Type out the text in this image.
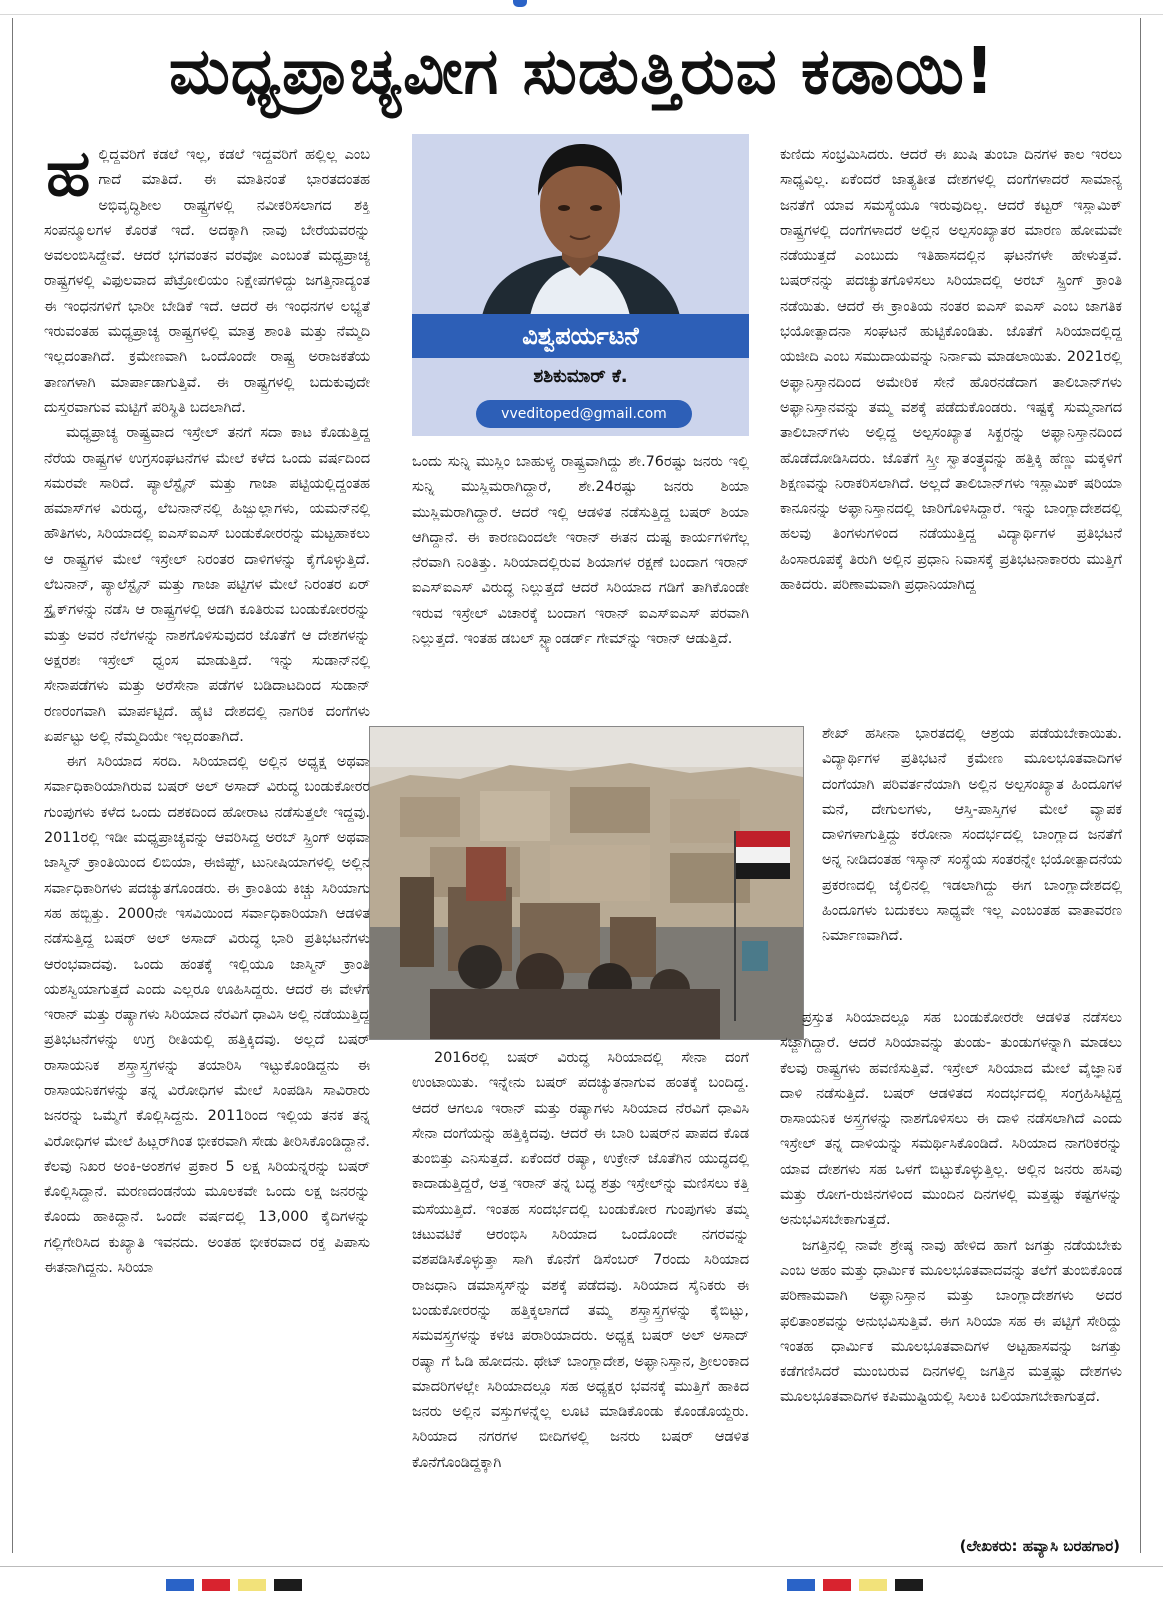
ಮಧ್ಯಪ್ರಾಚ್ಯವೀಗ ಸುಡುತ್ತಿರುವ ಕಡಾಯಿ!
ಹ ಲ್ಲಿದ್ದವರಿಗೆ ಕಡಲೆ ಇಲ್ಲ, ಕಡಲೆ ಇದ್ದವರಿಗೆ ಹಲ್ಲಿಲ್ಲ ಎಂಬ ಗಾದೆ ಮಾತಿದೆ. ಈ ಮಾತಿನಂತೆ ಭಾರತದಂತಹ ಅಭಿವೃದ್ಧಿಶೀಲ ರಾಷ್ಟ್ರಗಳಲ್ಲಿ ನವೀಕರಿಸಲಾಗದ ಶಕ್ತಿ ಸಂಪನ್ಮೂಲಗಳ ಕೊರತೆ ಇದೆ. ಅದಕ್ಕಾಗಿ ನಾವು ಬೇರೆಯವರನ್ನು ಅವಲಂಬಿಸಿದ್ದೇವೆ. ಆದರೆ ಭಗವಂತನ ವರವೋ ಎಂಬಂತೆ ಮಧ್ಯಪ್ರಾಚ್ಯ ರಾಷ್ಟ್ರಗಳಲ್ಲಿ ವಿಫುಲವಾದ ಪೆಟ್ರೋಲಿಯಂ ನಿಕ್ಷೇಪಗಳಿದ್ದು ಜಗತ್ತಿನಾದ್ಯಂತ ಈ ಇಂಧನಗಳಿಗೆ ಭಾರೀ ಬೇಡಿಕೆ ಇದೆ. ಆದರೆ ಈ ಇಂಧನಗಳ ಲಭ್ಯತೆ ಇರುವಂತಹ ಮಧ್ಯಪ್ರಾಚ್ಯ ರಾಷ್ಟ್ರಗಳಲ್ಲಿ ಮಾತ್ರ ಶಾಂತಿ ಮತ್ತು ನೆಮ್ಮದಿ ಇಲ್ಲದಂತಾಗಿದೆ. ಕ್ರಮೇಣವಾಗಿ ಒಂದೊಂದೇ ರಾಷ್ಟ್ರ ಅರಾಜಕತೆಯ ತಾಣಗಳಾಗಿ ಮಾರ್ಪಾಡಾಗುತ್ತಿವೆ. ಈ ರಾಷ್ಟ್ರಗಳಲ್ಲಿ ಬದುಕುವುದೇ ದುಸ್ತರವಾಗುವ ಮಟ್ಟಿಗೆ ಪರಿಸ್ಥಿತಿ ಬದಲಾಗಿದೆ.

ಮಧ್ಯಪ್ರಾಚ್ಯ ರಾಷ್ಟ್ರವಾದ ಇಸ್ರೇಲ್ ತನಗೆ ಸದಾ ಕಾಟ ಕೊಡುತ್ತಿದ್ದ ನೆರೆಯ ರಾಷ್ಟ್ರಗಳ ಉಗ್ರಸಂಘಟನೆಗಳ ಮೇಲೆ ಕಳೆದ ಒಂದು ವರ್ಷದಿಂದ ಸಮರವೇ ಸಾರಿದೆ. ಪ್ಯಾಲೆಸ್ಟೈನ್ ಮತ್ತು ಗಾಜಾ ಪಟ್ಟಿಯಲ್ಲಿದ್ದಂತಹ ಹಮಾಸ್‌ಗಳ ವಿರುದ್ಧ, ಲೆಬನಾನ್‌ನಲ್ಲಿ ಹಿಜ್ಬುಲ್ಲಾಗಳು, ಯಮನ್‌ನಲ್ಲಿ ಹೌತಿಗಳು, ಸಿರಿಯಾದಲ್ಲಿ ಐಎಸ್‌ಐಎಸ್ ಬಂಡುಕೋರರನ್ನು ಮಟ್ಟಹಾಕಲು ಆ ರಾಷ್ಟ್ರಗಳ ಮೇಲೆ ಇಸ್ರೇಲ್ ನಿರಂತರ ದಾಳಿಗಳನ್ನು ಕೈಗೊಳ್ಳುತ್ತಿದೆ. ಲೆಬನಾನ್, ಪ್ಯಾಲೆಸ್ಟೈನ್ ಮತ್ತು ಗಾಜಾ ಪಟ್ಟಿಗಳ ಮೇಲೆ ನಿರಂತರ ಏರ್ ಸ್ಟ್ರೈಕ್‌ಗಳನ್ನು ನಡೆಸಿ ಆ ರಾಷ್ಟ್ರಗಳಲ್ಲಿ ಅಡಗಿ ಕೂತಿರುವ ಬಂಡುಕೋರರನ್ನು ಮತ್ತು ಅವರ ನೆಲೆಗಳನ್ನು ನಾಶಗೊಳಿಸುವುದರ ಜೊತೆಗೆ ಆ ದೇಶಗಳನ್ನು ಅಕ್ಷರಶಃ ಇಸ್ರೇಲ್ ಧ್ವಂಸ ಮಾಡುತ್ತಿದೆ. ಇನ್ನು ಸುಡಾನ್‌ನಲ್ಲಿ ಸೇನಾಪಡೆಗಳು ಮತ್ತು ಅರೆಸೇನಾ ಪಡೆಗಳ ಬಡಿದಾಟದಿಂದ ಸುಡಾನ್ ರಣರಂಗವಾಗಿ ಮಾರ್ಪಟ್ಟಿದೆ. ಹೈಟಿ ದೇಶದಲ್ಲಿ ನಾಗರಿಕ ದಂಗೆಗಳು ಏರ್ಪಟ್ಟು ಅಲ್ಲಿ ನೆಮ್ಮದಿಯೇ ಇಲ್ಲದಂತಾಗಿದೆ.

ಈಗ ಸಿರಿಯಾದ ಸರದಿ. ಸಿರಿಯಾದಲ್ಲಿ ಅಲ್ಲಿನ ಅಧ್ಯಕ್ಷ ಅಥವಾ ಸರ್ವಾಧಿಕಾರಿಯಾಗಿರುವ ಬಷರ್ ಅಲ್ ಅಸಾದ್ ವಿರುದ್ಧ ಬಂಡುಕೋರರ ಗುಂಪುಗಳು ಕಳೆದ ಒಂದು ದಶಕದಿಂದ ಹೋರಾಟ ನಡೆಸುತ್ತಲೇ ಇದ್ದವು. 2011ರಲ್ಲಿ ಇಡೀ ಮಧ್ಯಪ್ರಾಚ್ಯವನ್ನು ಆವರಿಸಿದ್ದ ಅರಬ್ ಸ್ಪ್ರಿಂಗ್ ಅಥವಾ ಜಾಸ್ಮಿನ್ ಕ್ರಾಂತಿಯಿಂದ ಲಿಬಿಯಾ, ಈಜಿಪ್ಟ್, ಟುನೀಷಿಯಾಗಳಲ್ಲಿ ಅಲ್ಲಿನ ಸರ್ವಾಧಿಕಾರಿಗಳು ಪದಚ್ಯುತಗೊಂಡರು. ಈ ಕ್ರಾಂತಿಯ ಕಿಚ್ಚು ಸಿರಿಯಾಗು ಸಹ ಹಬ್ಬಿತ್ತು. 2000ನೇ ಇಸವಿಯಿಂದ ಸರ್ವಾಧಿಕಾರಿಯಾಗಿ ಆಡಳಿತ ನಡೆಸುತ್ತಿದ್ದ ಬಷರ್ ಅಲ್ ಅಸಾದ್ ವಿರುದ್ಧ ಭಾರಿ ಪ್ರತಿಭಟನೆಗಳು ಆರಂಭವಾದವು. ಒಂದು ಹಂತಕ್ಕೆ ಇಲ್ಲಿಯೂ ಜಾಸ್ಮಿನ್ ಕ್ರಾಂತಿ ಯಶಸ್ವಿಯಾಗುತ್ತದೆ ಎಂದು ಎಲ್ಲರೂ ಊಹಿಸಿದ್ದರು. ಆದರೆ ಈ ವೇಳೆಗೆ ಇರಾನ್ ಮತ್ತು ರಷ್ಯಾಗಳು ಸಿರಿಯಾದ ನೆರವಿಗೆ ಧಾವಿಸಿ ಅಲ್ಲಿ ನಡೆಯುತ್ತಿದ್ದ ಪ್ರತಿಭಟನೆಗಳನ್ನು ಉಗ್ರ ರೀತಿಯಲ್ಲಿ ಹತ್ತಿಕ್ಕಿದವು. ಅಲ್ಲದೆ ಬಷರ್ ರಾಸಾಯನಿಕ ಶಸ್ತ್ರಾಸ್ತ್ರಗಳನ್ನು ತಯಾರಿಸಿ ಇಟ್ಟುಕೊಂಡಿದ್ದನು ಈ ರಾಸಾಯನಿಕಗಳನ್ನು ತನ್ನ ವಿರೋಧಿಗಳ ಮೇಲೆ ಸಿಂಪಡಿಸಿ ಸಾವಿರಾರು ಜನರನ್ನು ಒಮ್ಮೆಗೆ ಕೊಲ್ಲಿಸಿದ್ದನು. 2011ರಿಂದ ಇಲ್ಲಿಯ ತನಕ ತನ್ನ ವಿರೋಧಿಗಳ ಮೇಲೆ ಹಿಟ್ಲರ್‌ಗಿಂತ ಭೀಕರವಾಗಿ ಸೇಡು ತೀರಿಸಿಕೊಂಡಿದ್ದಾನೆ. ಕೆಲವು ನಿಖರ ಅಂಕಿ-ಅಂಶಗಳ ಪ್ರಕಾರ 5 ಲಕ್ಷ ಸಿರಿಯನ್ನರನ್ನು ಬಷರ್ ಕೊಲ್ಲಿಸಿದ್ದಾನೆ. ಮರಣದಂಡನೆಯ ಮೂಲಕವೇ ಒಂದು ಲಕ್ಷ ಜನರನ್ನು ಕೊಂದು ಹಾಕಿದ್ದಾನೆ. ಒಂದೇ ವರ್ಷದಲ್ಲಿ 13,000 ಕೈದಿಗಳನ್ನು ಗಲ್ಲಿಗೇರಿಸಿದ ಕುಖ್ಯಾತಿ ಇವನದು. ಅಂತಹ ಭೀಕರವಾದ ರಕ್ತ ಪಿಪಾಸು ಈತನಾಗಿದ್ದನು. ಸಿರಿಯಾ

ವಿಶ್ವಪರ್ಯಟನೆ
ಶಶಿಕುಮಾರ್ ಕೆ.
vveditoped@gmail.com

ಒಂದು ಸುನ್ನಿ ಮುಸ್ಲಿಂ ಬಾಹುಳ್ಯ ರಾಷ್ಟ್ರವಾಗಿದ್ದು ಶೇ.76ರಷ್ಟು ಜನರು ಇಲ್ಲಿ ಸುನ್ನಿ ಮುಸ್ಲಿಮರಾಗಿದ್ದಾರೆ, ಶೇ.24ರಷ್ಟು ಜನರು ಶಿಯಾ ಮುಸ್ಲಿಮರಾಗಿದ್ದಾರೆ. ಆದರೆ ಇಲ್ಲಿ ಆಡಳಿತ ನಡೆಸುತ್ತಿದ್ದ ಬಷರ್ ಶಿಯಾ ಆಗಿದ್ದಾನೆ. ಈ ಕಾರಣದಿಂದಲೇ ಇರಾನ್ ಈತನ ದುಷ್ಟ ಕಾರ್ಯಗಳಿಗೆಲ್ಲ ನೆರವಾಗಿ ನಿಂತಿತ್ತು. ಸಿರಿಯಾದಲ್ಲಿರುವ ಶಿಯಾಗಳ ರಕ್ಷಣೆ ಬಂದಾಗ ಇರಾನ್ ಐಎಸ್‌ಐಎಸ್ ವಿರುದ್ಧ ನಿಲ್ಲುತ್ತದೆ ಆದರೆ ಸಿರಿಯಾದ ಗಡಿಗೆ ತಾಗಿಕೊಂಡೇ ಇರುವ ಇಸ್ರೇಲ್ ವಿಚಾರಕ್ಕೆ ಬಂದಾಗ ಇರಾನ್ ಐಎಸ್‌ಐಎಸ್ ಪರವಾಗಿ ನಿಲ್ಲುತ್ತದೆ. ಇಂತಹ ಡಬಲ್ ಸ್ಟ್ಯಾಂಡರ್ಡ್ ಗೇಮ್‌ನ್ನು ಇರಾನ್ ಆಡುತ್ತಿದೆ.

2016ರಲ್ಲಿ ಬಷರ್ ವಿರುದ್ಧ ಸಿರಿಯಾದಲ್ಲಿ ಸೇನಾ ದಂಗೆ ಉಂಟಾಯಿತು. ಇನ್ನೇನು ಬಷರ್ ಪದಚ್ಯುತನಾಗುವ ಹಂತಕ್ಕೆ ಬಂದಿದ್ದ. ಆದರೆ ಆಗಲೂ ಇರಾನ್ ಮತ್ತು ರಷ್ಯಾಗಳು ಸಿರಿಯಾದ ನೆರವಿಗೆ ಧಾವಿಸಿ ಸೇನಾ ದಂಗೆಯನ್ನು ಹತ್ತಿಕ್ಕಿದವು. ಆದರೆ ಈ ಬಾರಿ ಬಷರ್‌ನ ಪಾಪದ ಕೊಡ ತುಂಬಿತ್ತು ಎನಿಸುತ್ತದೆ. ಏಕೆಂದರೆ ರಷ್ಯಾ, ಉಕ್ರೇನ್ ಜೊತೆಗಿನ ಯುದ್ಧದಲ್ಲಿ ಕಾದಾಡುತ್ತಿದ್ದರೆ, ಅತ್ತ ಇರಾನ್ ತನ್ನ ಬದ್ಧ ಶತ್ರು ಇಸ್ರೇಲ್‌ನ್ನು ಮಣಿಸಲು ಕತ್ತಿ ಮಸೆಯುತ್ತಿದೆ. ಇಂತಹ ಸಂದರ್ಭದಲ್ಲಿ ಬಂಡುಕೋರ ಗುಂಪುಗಳು ತಮ್ಮ ಚಟುವಟಿಕೆ ಆರಂಭಿಸಿ ಸಿರಿಯಾದ ಒಂದೊಂದೇ ನಗರವನ್ನು ವಶಪಡಿಸಿಕೊಳ್ಳುತ್ತಾ ಸಾಗಿ ಕೊನೆಗೆ ಡಿಸೆಂಬರ್ 7ರಂದು ಸಿರಿಯಾದ ರಾಜಧಾನಿ ಡಮಾಸ್ಕಸ್‌ನ್ನು ವಶಕ್ಕೆ ಪಡೆದವು. ಸಿರಿಯಾದ ಸೈನಿಕರು ಈ ಬಂಡುಕೋರರನ್ನು ಹತ್ತಿಕ್ಕಲಾಗದೆ ತಮ್ಮ ಶಸ್ತ್ರಾಸ್ತ್ರಗಳನ್ನು ಕೈಬಿಟ್ಟು, ಸಮವಸ್ತ್ರಗಳನ್ನು ಕಳಚಿ ಪರಾರಿಯಾದರು. ಅಧ್ಯಕ್ಷ ಬಷರ್ ಅಲ್ ಅಸಾದ್ ರಷ್ಯಾ ಗೆ ಓಡಿ ಹೋದನು. ಥೇಟ್ ಬಾಂಗ್ಲಾದೇಶ, ಅಫ್ಘಾನಿಸ್ತಾನ, ಶ್ರೀಲಂಕಾದ ಮಾದರಿಗಳಲ್ಲೇ ಸಿರಿಯಾದಲ್ಲೂ ಸಹ ಅಧ್ಯಕ್ಷರ ಭವನಕ್ಕೆ ಮುತ್ತಿಗೆ ಹಾಕಿದ ಜನರು ಅಲ್ಲಿನ ವಸ್ತುಗಳನ್ನೆಲ್ಲ ಲೂಟಿ ಮಾಡಿಕೊಂಡು ಕೊಂಡೊಯ್ದರು. ಸಿರಿಯಾದ ನಗರಗಳ ಬೀದಿಗಳಲ್ಲಿ ಜನರು ಬಷರ್ ಆಡಳಿತ ಕೊನೆಗೊಂಡಿದ್ದಕ್ಕಾಗಿ

ಕುಣಿದು ಸಂಭ್ರಮಿಸಿದರು. ಆದರೆ ಈ ಖುಷಿ ತುಂಬಾ ದಿನಗಳ ಕಾಲ ಇರಲು ಸಾಧ್ಯವಿಲ್ಲ. ಏಕೆಂದರೆ ಜಾತ್ಯತೀತ ದೇಶಗಳಲ್ಲಿ ದಂಗೆಗಳಾದರೆ ಸಾಮಾನ್ಯ ಜನತೆಗೆ ಯಾವ ಸಮಸ್ಯೆಯೂ ಇರುವುದಿಲ್ಲ. ಆದರೆ ಕಟ್ಟರ್ ಇಸ್ಲಾಮಿಕ್ ರಾಷ್ಟ್ರಗಳಲ್ಲಿ ದಂಗೆಗಳಾದರೆ ಅಲ್ಲಿನ ಅಲ್ಪಸಂಖ್ಯಾತರ ಮಾರಣ ಹೋಮವೇ ನಡೆಯುತ್ತದೆ ಎಂಬುದು ಇತಿಹಾಸದಲ್ಲಿನ ಘಟನೆಗಳೇ ಹೇಳುತ್ತವೆ. ಬಷರ್‌ನನ್ನು ಪದಚ್ಯುತಗೊಳಿಸಲು ಸಿರಿಯಾದಲ್ಲಿ ಅರಬ್ ಸ್ಪ್ರಿಂಗ್ ಕ್ರಾಂತಿ ನಡೆಯಿತು. ಆದರೆ ಈ ಕ್ರಾಂತಿಯ ನಂತರ ಐಎಸ್ ಐಎಸ್ ಎಂಬ ಜಾಗತಿಕ ಭಯೋತ್ಪಾದನಾ ಸಂಘಟನೆ ಹುಟ್ಟಿಕೊಂಡಿತು. ಜೊತೆಗೆ ಸಿರಿಯಾದಲ್ಲಿದ್ದ ಯಜೀದಿ ಎಂಬ ಸಮುದಾಯವನ್ನು ನಿರ್ನಾಮ ಮಾಡಲಾಯಿತು. 2021ರಲ್ಲಿ ಅಫ್ಘಾನಿಸ್ತಾನದಿಂದ ಅಮೇರಿಕ ಸೇನೆ ಹೊರನಡೆದಾಗ ತಾಲಿಬಾನ್‌ಗಳು ಅಫ್ಘಾನಿಸ್ತಾನವನ್ನು ತಮ್ಮ ವಶಕ್ಕೆ ಪಡೆದುಕೊಂಡರು. ಇಷ್ಟಕ್ಕೆ ಸುಮ್ಮನಾಗದ ತಾಲಿಬಾನ್‌ಗಳು ಅಲ್ಲಿದ್ದ ಅಲ್ಪಸಂಖ್ಯಾತ ಸಿಕ್ಖರನ್ನು ಅಫ್ಘಾನಿಸ್ತಾನದಿಂದ ಹೊಡೆದೋಡಿಸಿದರು. ಜೊತೆಗೆ ಸ್ತ್ರೀ ಸ್ವಾತಂತ್ರ್ಯವನ್ನು ಹತ್ತಿಕ್ಕಿ ಹೆಣ್ಣು ಮಕ್ಕಳಿಗೆ ಶಿಕ್ಷಣವನ್ನು ನಿರಾಕರಿಸಲಾಗಿದೆ. ಅಲ್ಲದೆ ತಾಲಿಬಾನ್‌ಗಳು ಇಸ್ಲಾಮಿಕ್ ಷರಿಯಾ ಕಾನೂನನ್ನು ಅಫ್ಘಾನಿಸ್ತಾನದಲ್ಲಿ ಜಾರಿಗೊಳಿಸಿದ್ದಾರೆ. ಇನ್ನು ಬಾಂಗ್ಲಾದೇಶದಲ್ಲಿ ಹಲವು ತಿಂಗಳುಗಳಿಂದ ನಡೆಯುತ್ತಿದ್ದ ವಿದ್ಯಾರ್ಥಿಗಳ ಪ್ರತಿಭಟನೆ ಹಿಂಸಾರೂಪಕ್ಕೆ ತಿರುಗಿ ಅಲ್ಲಿನ ಪ್ರಧಾನಿ ನಿವಾಸಕ್ಕೆ ಪ್ರತಿಭಟನಾಕಾರರು ಮುತ್ತಿಗೆ ಹಾಕಿದರು. ಪರಿಣಾಮವಾಗಿ ಪ್ರಧಾನಿಯಾಗಿದ್ದ

ಶೇಖ್ ಹಸೀನಾ ಭಾರತದಲ್ಲಿ ಆಶ್ರಯ ಪಡೆಯಬೇಕಾಯಿತು. ವಿದ್ಯಾರ್ಥಿಗಳ ಪ್ರತಿಭಟನೆ ಕ್ರಮೇಣ ಮೂಲಭೂತವಾದಿಗಳ ದಂಗೆಯಾಗಿ ಪರಿವರ್ತನೆಯಾಗಿ ಅಲ್ಲಿನ ಅಲ್ಪಸಂಖ್ಯಾತ ಹಿಂದೂಗಳ ಮನೆ, ದೇಗುಲಗಳು, ಆಸ್ತಿ-ಪಾಸ್ತಿಗಳ ಮೇಲೆ ವ್ಯಾಪಕ ದಾಳಿಗಳಾಗುತ್ತಿದ್ದು ಕರೋನಾ ಸಂದರ್ಭದಲ್ಲಿ ಬಾಂಗ್ಲಾದ ಜನತೆಗೆ ಅನ್ನ ನೀಡಿದಂತಹ ಇಸ್ಕಾನ್ ಸಂಸ್ಥೆಯ ಸಂತರನ್ನೇ ಭಯೋತ್ಪಾದನೆಯ ಪ್ರಕರಣದಲ್ಲಿ ಜೈಲಿನಲ್ಲಿ ಇಡಲಾಗಿದ್ದು ಈಗ ಬಾಂಗ್ಲಾದೇಶದಲ್ಲಿ ಹಿಂದೂಗಳು ಬದುಕಲು ಸಾಧ್ಯವೇ ಇಲ್ಲ ಎಂಬಂತಹ ವಾತಾವರಣ ನಿರ್ಮಾಣವಾಗಿದೆ.

ಪ್ರಸ್ತುತ ಸಿರಿಯಾದಲ್ಲೂ ಸಹ ಬಂಡುಕೋರರೇ ಆಡಳಿತ ನಡೆಸಲು ಸಜ್ಜಾಗಿದ್ದಾರೆ. ಆದರೆ ಸಿರಿಯಾವನ್ನು ತುಂಡು- ತುಂಡುಗಳನ್ನಾಗಿ ಮಾಡಲು ಕೆಲವು ರಾಷ್ಟ್ರಗಳು ಹವಣಿಸುತ್ತಿವೆ. ಇಸ್ರೇಲ್ ಸಿರಿಯಾದ ಮೇಲೆ ವೈಜ್ಞಾನಿಕ ದಾಳಿ ನಡೆಸುತ್ತಿದೆ. ಬಷರ್ ಆಡಳಿತದ ಸಂದರ್ಭದಲ್ಲಿ ಸಂಗ್ರಹಿಸಿಟ್ಟಿದ್ದ ರಾಸಾಯನಿಕ ಅಸ್ತ್ರಗಳನ್ನು ನಾಶಗೊಳಿಸಲು ಈ ದಾಳಿ ನಡೆಸಲಾಗಿದೆ ಎಂದು ಇಸ್ರೇಲ್ ತನ್ನ ದಾಳಿಯನ್ನು ಸಮರ್ಥಿಸಿಕೊಂಡಿದೆ. ಸಿರಿಯಾದ ನಾಗರಿಕರನ್ನು ಯಾವ ದೇಶಗಳು ಸಹ ಒಳಗೆ ಬಿಟ್ಟುಕೊಳ್ಳುತ್ತಿಲ್ಲ. ಅಲ್ಲಿನ ಜನರು ಹಸಿವು ಮತ್ತು ರೋಗ-ರುಜಿನಗಳಿಂದ ಮುಂದಿನ ದಿನಗಳಲ್ಲಿ ಮತ್ತಷ್ಟು ಕಷ್ಟಗಳನ್ನು ಅನುಭವಿಸಬೇಕಾಗುತ್ತದೆ.

ಜಗತ್ತಿನಲ್ಲಿ ನಾವೇ ಶ್ರೇಷ್ಠ ನಾವು ಹೇಳಿದ ಹಾಗೆ ಜಗತ್ತು ನಡೆಯಬೇಕು ಎಂಬ ಅಹಂ ಮತ್ತು ಧಾರ್ಮಿಕ ಮೂಲಭೂತವಾದವನ್ನು ತಲೆಗೆ ತುಂಬಿಕೊಂಡ ಪರಿಣಾಮವಾಗಿ ಅಫ್ಘಾನಿಸ್ತಾನ ಮತ್ತು ಬಾಂಗ್ಲಾದೇಶಗಳು ಅದರ ಫಲಿತಾಂಶವನ್ನು ಅನುಭವಿಸುತ್ತಿವೆ. ಈಗ ಸಿರಿಯಾ ಸಹ ಈ ಪಟ್ಟಿಗೆ ಸೇರಿದ್ದು ಇಂತಹ ಧಾರ್ಮಿಕ ಮೂಲಭೂತವಾದಿಗಳ ಅಟ್ಟಹಾಸವನ್ನು ಜಗತ್ತು ಕಡೆಗಣಿಸಿದರೆ ಮುಂಬರುವ ದಿನಗಳಲ್ಲಿ ಜಗತ್ತಿನ ಮತ್ತಷ್ಟು ದೇಶಗಳು ಮೂಲಭೂತವಾದಿಗಳ ಕಪಿಮುಷ್ಟಿಯಲ್ಲಿ ಸಿಲುಕಿ ಬಲಿಯಾಗಬೇಕಾಗುತ್ತದೆ.

(ಲೇಖಕರು: ಹವ್ಯಾಸಿ ಬರಹಗಾರ)
